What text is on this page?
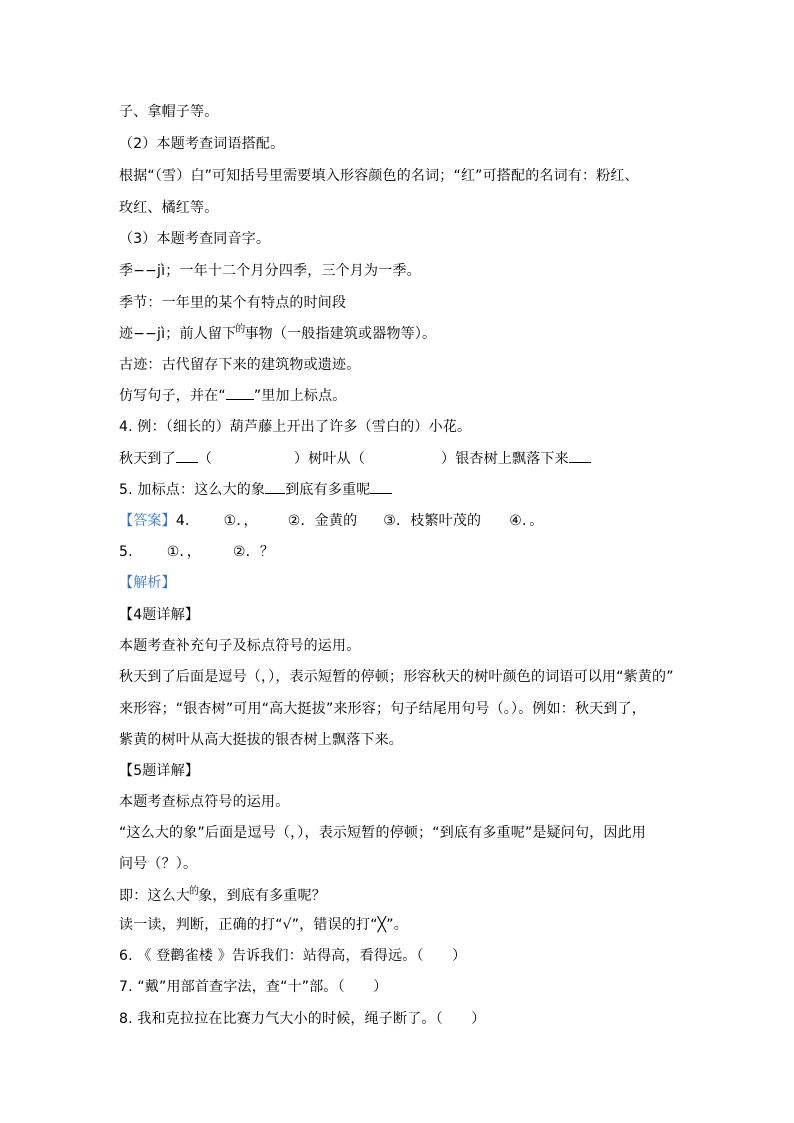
子、拿帽子等。
（2）本题考查词语搭配。
根据“（雪）白”可知括号里需要填入形容颜色的名词；“红”可搭配的名词有：粉红、
玫红、橘红等。
（3）本题考查同音字。
季−−jì；一年十二个月分四季，三个月为一季。
季节：一年里的某个有特点的时间段
迹−−jì；前人留下$^的$事物（一般指建筑或器物等）。
古迹：古代留存下来的建筑物或遗迹。
仿写句子，并在“ ”里加上标点。
4. 例：（细长的）葫芦藤上开出了许多（雪白的）小花。
秋天到了 （	）树叶从（	）银杏树上飘落下来
5. 加标点：这么大的象 到底有多重呢
【答案】4. ①．， ②．金黄的 ③．枝繁叶茂的 ④．。
5. ①．， ②．？
【解析】
【4题详解】
本题考查补充句子及标点符号的运用。
秋天到了后面是逗号（，），表示短暂的停顿；形容秋天的树叶颜色的词语可以用“紫黄的”
来形容；“银杏树”可用“高大挺拔”来形容；句子结尾用句号（。）。例如：秋天到了，
紫黄的树叶从高大挺拔的银杏树上飘落下来。
【5题详解】
本题考查标点符号的运用。
“这么大的象”后面是逗号（，），表示短暂的停顿；“到底有多重呢”是疑问句，因此用
问号（？）。
即：这么大$^的$象，到底有多重呢？
读一读，判断，正确的打“√”，错误的打“╳”。
6. 《 登鹳雀楼 》告诉我们：站得高，看得远。（　　）
7. “戴”用部首查字法，查“十”部。（　　）
8. 我和克拉拉在比赛力气大小的时候，绳子断了。（　　）
